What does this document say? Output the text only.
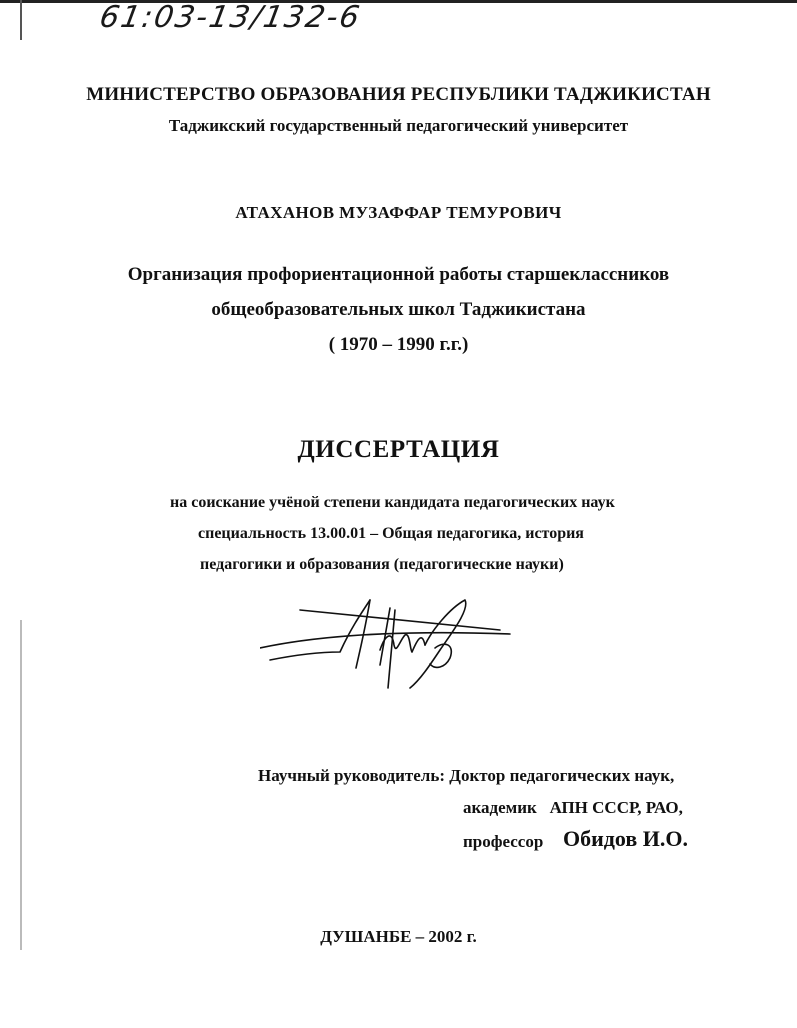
61:03-13/132-6
МИНИСТЕРСТВО ОБРАЗОВАНИЯ РЕСПУБЛИКИ ТАДЖИКИСТАН
Таджикский государственный педагогический университет
АТАХАНОВ МУЗАФФАР ТЕМУРОВИЧ
Организация профориентационной работы старшеклассников
общеобразовательных школ Таджикистана
( 1970 – 1990 г.г.)
ДИССЕРТАЦИЯ
на соискание учёной степени кандидата педагогических наук
специальность 13.00.01 – Общая педагогика, история
педагогики и образования (педагогические науки)
Научный руководитель: Доктор педагогических наук,
академик   АПН СССР, РАО,
профессор Обидов И.О.
ДУШАНБЕ – 2002 г.
